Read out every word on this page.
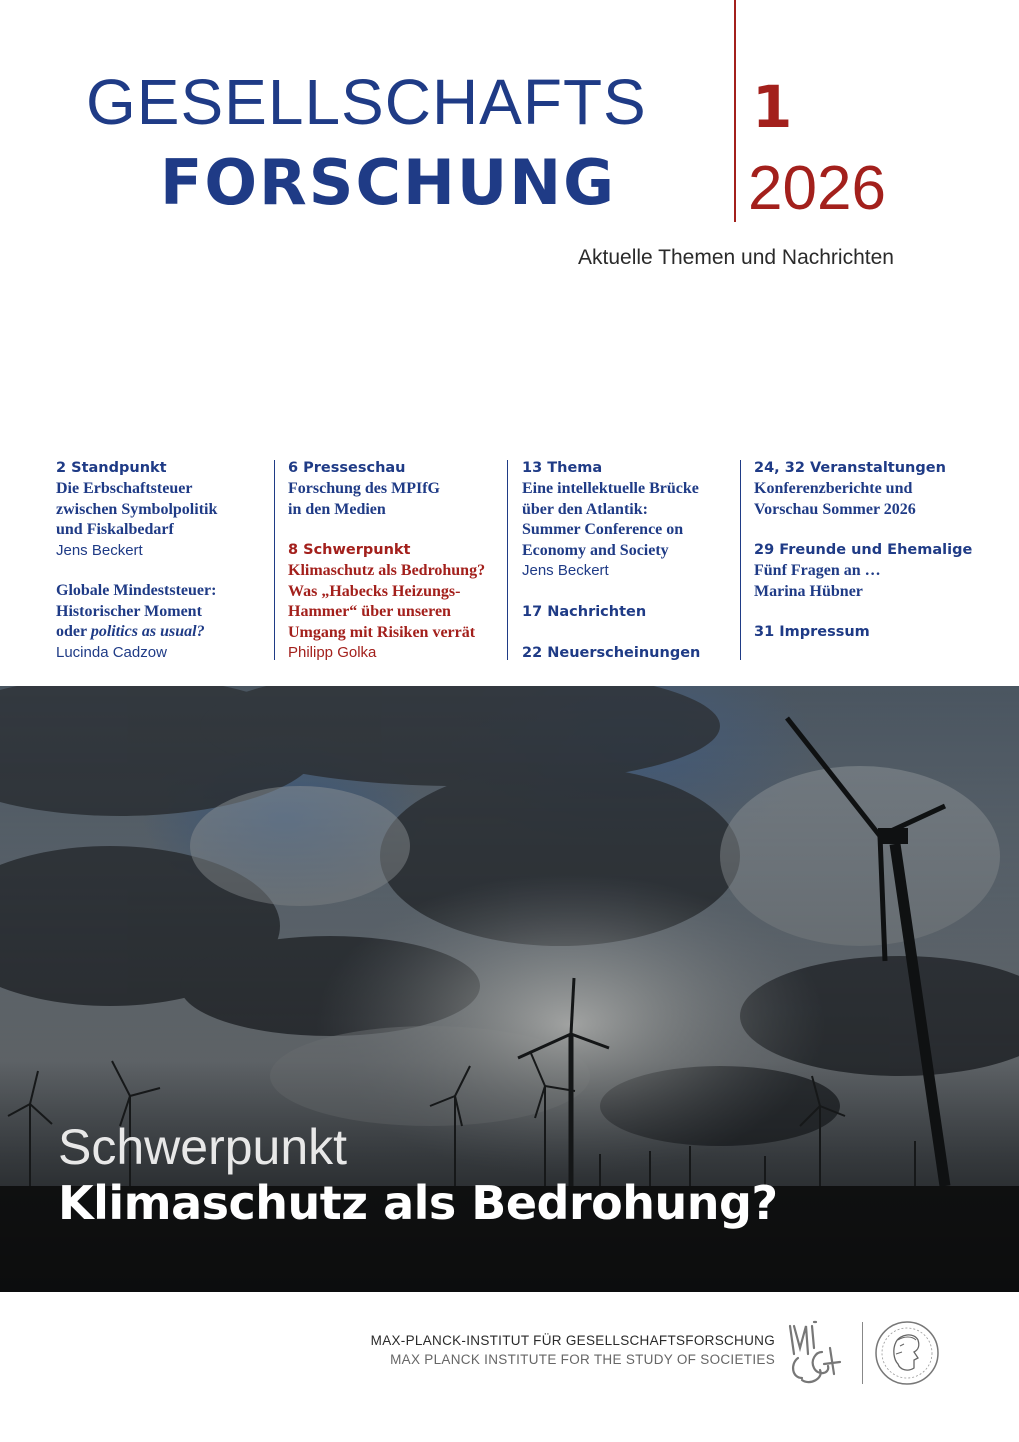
GESELLSCHAFTS
FORSCHUNG
1
2026
Aktuelle Themen und Nachrichten
2 Standpunkt
Die Erbschaftsteuer
zwischen Symbolpolitik
und Fiskalbedarf
Jens Beckert
Globale Mindeststeuer:
Historischer Moment
oder politics as usual?
Lucinda Cadzow
6 Presseschau
Forschung des MPIfG
in den Medien
8 Schwerpunkt
Klimaschutz als Bedrohung?
Was „Habecks Heizungs-
Hammer“ über unseren
Umgang mit Risiken verrät
Philipp Golka
13 Thema
Eine intellektuelle Brücke
über den Atlantik:
Summer Conference on
Economy and Society
Jens Beckert
17 Nachrichten
22 Neuerscheinungen
24, 32 Veranstaltungen
Konferenzberichte und
Vorschau Sommer 2026
29 Freunde und Ehemalige
Fünf Fragen an …
Marina Hübner
31 Impressum
Schwerpunkt
Klimaschutz als Bedrohung?
MAX-PLANCK-INSTITUT FÜR GESELLSCHAFTSFORSCHUNG
MAX PLANCK INSTITUTE FOR THE STUDY OF SOCIETIES
